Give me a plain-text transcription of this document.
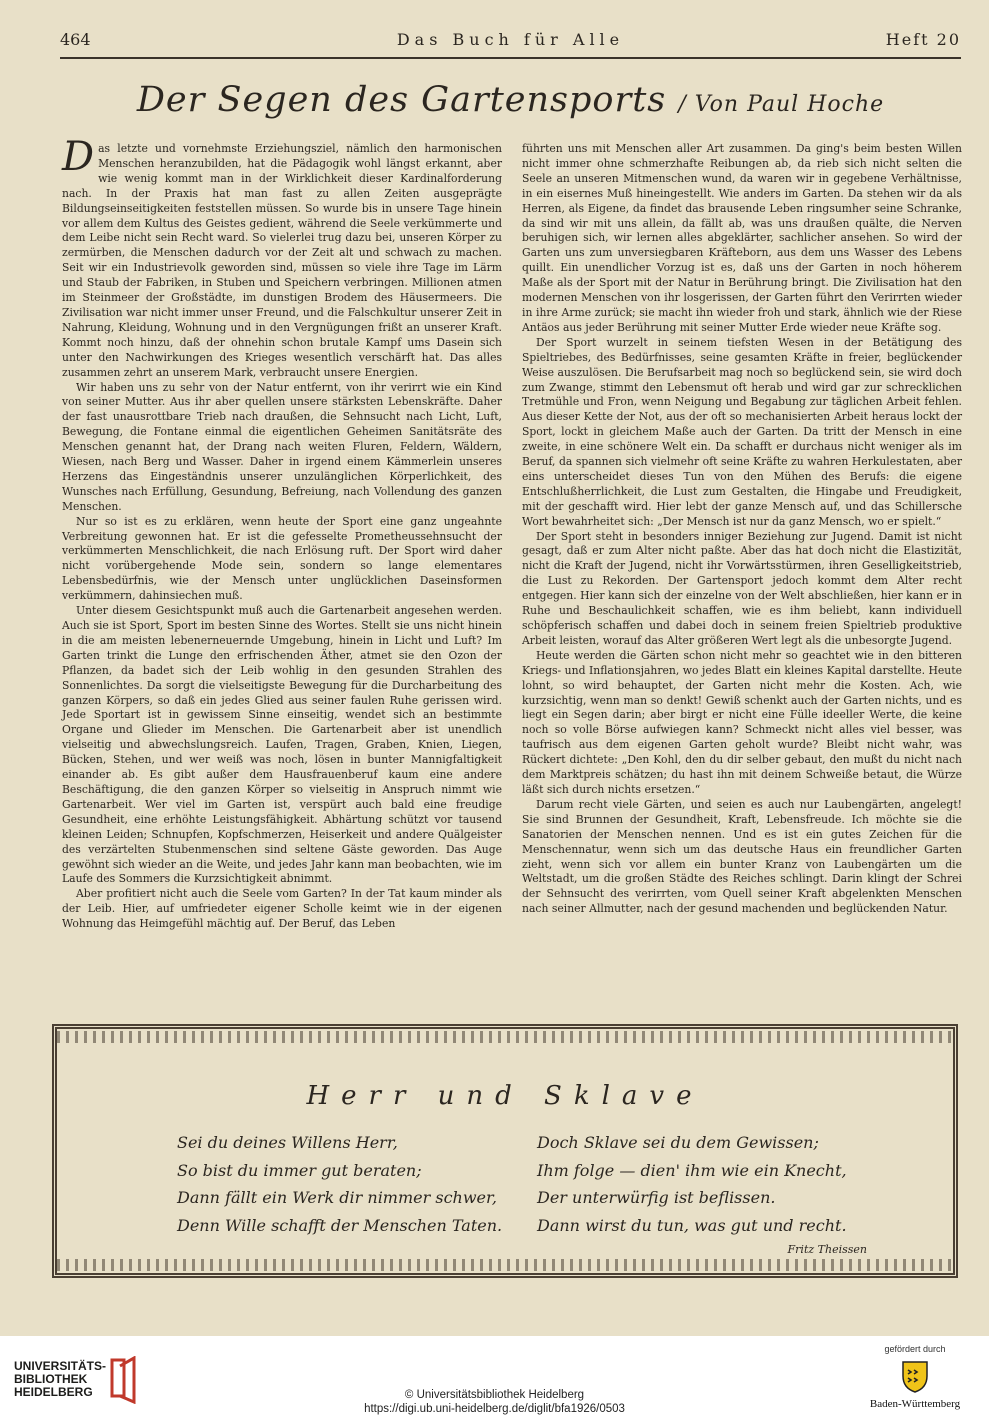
464	Das Buch für Alle	Heft 20
Der Segen des Gartensports / Von Paul Hoche

Das letzte und vornehmste Erziehungsziel, nämlich den harmonischen Menschen heranzubilden, hat die Pädagogik wohl längst erkannt, aber wie wenig kommt man in der Wirklichkeit dieser Kardinalforderung nach. In der Praxis hat man fast zu allen Zeiten ausgeprägte Bildungseinseitigkeiten feststellen müssen. So wurde bis in unsere Tage hinein vor allem dem Kultus des Geistes gedient, während die Seele verkümmerte und dem Leibe nicht sein Recht ward. So vielerlei trug dazu bei, unseren Körper zu zermürben, die Menschen dadurch vor der Zeit alt und schwach zu machen. Seit wir ein Industrievolk geworden sind, müssen so viele ihre Tage im Lärm und Staub der Fabriken, in Stuben und Speichern verbringen. Millionen atmen im Steinmeer der Großstädte, im dunstigen Brodem des Häusermeers. Die Zivilisation war nicht immer unser Freund, und die Falschkultur unserer Zeit in Nahrung, Kleidung, Wohnung und in den Vergnügungen frißt an unserer Kraft. Kommt noch hinzu, daß der ohnehin schon brutale Kampf ums Dasein sich unter den Nachwirkungen des Krieges wesentlich verschärft hat. Das alles zusammen zehrt an unserem Mark, verbraucht unsere Energien.

Wir haben uns zu sehr von der Natur entfernt, von ihr verirrt wie ein Kind von seiner Mutter. Aus ihr aber quellen unsere stärksten Lebenskräfte. Daher der fast unausrottbare Trieb nach draußen, die Sehnsucht nach Licht, Luft, Bewegung, die Fontane einmal die eigentlichen Geheimen Sanitätsräte des Menschen genannt hat, der Drang nach weiten Fluren, Feldern, Wäldern, Wiesen, nach Berg und Wasser. Daher in irgend einem Kämmerlein unseres Herzens das Eingeständnis unserer unzulänglichen Körperlichkeit, des Wunsches nach Erfüllung, Gesundung, Befreiung, nach Vollendung des ganzen Menschen.

Nur so ist es zu erklären, wenn heute der Sport eine ganz ungeahnte Verbreitung gewonnen hat. Er ist die gefesselte Prometheussehnsucht der verkümmerten Menschlichkeit, die nach Erlösung ruft. Der Sport wird daher nicht vorübergehende Mode sein, sondern so lange elementares Lebensbedürfnis, wie der Mensch unter unglücklichen Daseinsformen verkümmern, dahinsiechen muß.

Unter diesem Gesichtspunkt muß auch die Gartenarbeit angesehen werden. Auch sie ist Sport, Sport im besten Sinne des Wortes. Stellt sie uns nicht hinein in die am meisten lebenerneuernde Umgebung, hinein in Licht und Luft? Im Garten trinkt die Lunge den erfrischenden Äther, atmet sie den Ozon der Pflanzen, da badet sich der Leib wohlig in den gesunden Strahlen des Sonnenlichtes. Da sorgt die vielseitigste Bewegung für die Durcharbeitung des ganzen Körpers, so daß ein jedes Glied aus seiner faulen Ruhe gerissen wird. Jede Sportart ist in gewissem Sinne einseitig, wendet sich an bestimmte Organe und Glieder im Menschen. Die Gartenarbeit aber ist unendlich vielseitig und abwechslungsreich. Laufen, Tragen, Graben, Knien, Liegen, Bücken, Stehen, und wer weiß was noch, lösen in bunter Mannigfaltigkeit einander ab. Es gibt außer dem Hausfrauenberuf kaum eine andere Beschäftigung, die den ganzen Körper so vielseitig in Anspruch nimmt wie Gartenarbeit. Wer viel im Garten ist, verspürt auch bald eine freudige Gesundheit, eine erhöhte Leistungsfähigkeit. Abhärtung schützt vor tausend kleinen Leiden; Schnupfen, Kopfschmerzen, Heiserkeit und andere Quälgeister des verzärtelten Stubenmenschen sind seltene Gäste geworden. Das Auge gewöhnt sich wieder an die Weite, und jedes Jahr kann man beobachten, wie im Laufe des Sommers die Kurzsichtigkeit abnimmt.

Aber profitiert nicht auch die Seele vom Garten? In der Tat kaum minder als der Leib. Hier, auf umfriedeter eigener Scholle keimt wie in der eigenen Wohnung das Heimgefühl mächtig auf. Der Beruf, das Leben

führten uns mit Menschen aller Art zusammen. Da ging's beim besten Willen nicht immer ohne schmerzhafte Reibungen ab, da rieb sich nicht selten die Seele an unseren Mitmenschen wund, da waren wir in gegebene Verhältnisse, in ein eisernes Muß hineingestellt. Wie anders im Garten. Da stehen wir da als Herren, als Eigene, da findet das brausende Leben ringsumher seine Schranke, da sind wir mit uns allein, da fällt ab, was uns draußen quälte, die Nerven beruhigen sich, wir lernen alles abgeklärter, sachlicher ansehen. So wird der Garten uns zum unversiegbaren Kräfteborn, aus dem uns Wasser des Lebens quillt. Ein unendlicher Vorzug ist es, daß uns der Garten in noch höherem Maße als der Sport mit der Natur in Berührung bringt. Die Zivilisation hat den modernen Menschen von ihr losgerissen, der Garten führt den Verirrten wieder in ihre Arme zurück; sie macht ihn wieder froh und stark, ähnlich wie der Riese Antäos aus jeder Berührung mit seiner Mutter Erde wieder neue Kräfte sog.

Der Sport wurzelt in seinem tiefsten Wesen in der Betätigung des Spieltriebes, des Bedürfnisses, seine gesamten Kräfte in freier, beglückender Weise auszulösen. Die Berufsarbeit mag noch so beglückend sein, sie wird doch zum Zwange, stimmt den Lebensmut oft herab und wird gar zur schrecklichen Tretmühle und Fron, wenn Neigung und Begabung zur täglichen Arbeit fehlen. Aus dieser Kette der Not, aus der oft so mechanisierten Arbeit heraus lockt der Sport, lockt in gleichem Maße auch der Garten. Da tritt der Mensch in eine zweite, in eine schönere Welt ein. Da schafft er durchaus nicht weniger als im Beruf, da spannen sich vielmehr oft seine Kräfte zu wahren Herkulestaten, aber eins unterscheidet dieses Tun von den Mühen des Berufs: die eigene Entschlußherrlichkeit, die Lust zum Gestalten, die Hingabe und Freudigkeit, mit der geschafft wird. Hier lebt der ganze Mensch auf, und das Schillersche Wort bewahrheitet sich: „Der Mensch ist nur da ganz Mensch, wo er spielt.“

Der Sport steht in besonders inniger Beziehung zur Jugend. Damit ist nicht gesagt, daß er zum Alter nicht paßte. Aber das hat doch nicht die Elastizität, nicht die Kraft der Jugend, nicht ihr Vorwärtsstürmen, ihren Geselligkeitstrieb, die Lust zu Rekorden. Der Gartensport jedoch kommt dem Alter recht entgegen. Hier kann sich der einzelne von der Welt abschließen, hier kann er in Ruhe und Beschaulichkeit schaffen, wie es ihm beliebt, kann individuell schöpferisch schaffen und dabei doch in seinem freien Spieltrieb produktive Arbeit leisten, worauf das Alter größeren Wert legt als die unbesorgte Jugend.

Heute werden die Gärten schon nicht mehr so geachtet wie in den bitteren Kriegs- und Inflationsjahren, wo jedes Blatt ein kleines Kapital darstellte. Heute lohnt, so wird behauptet, der Garten nicht mehr die Kosten. Ach, wie kurzsichtig, wenn man so denkt! Gewiß schenkt auch der Garten nichts, und es liegt ein Segen darin; aber birgt er nicht eine Fülle ideeller Werte, die keine noch so volle Börse aufwiegen kann? Schmeckt nicht alles viel besser, was taufrisch aus dem eigenen Garten geholt wurde? Bleibt nicht wahr, was Rückert dichtete: „Den Kohl, den du dir selber gebaut, den mußt du nicht nach dem Marktpreis schätzen; du hast ihn mit deinem Schweiße betaut, die Würze läßt sich durch nichts ersetzen.“

Darum recht viele Gärten, und seien es auch nur Laubengärten, angelegt! Sie sind Brunnen der Gesundheit, Kraft, Lebensfreude. Ich möchte sie die Sanatorien der Menschen nennen. Und es ist ein gutes Zeichen für die Menschennatur, wenn sich um das deutsche Haus ein freundlicher Garten zieht, wenn sich vor allem ein bunter Kranz von Laubengärten um die Weltstadt, um die großen Städte des Reiches schlingt. Darin klingt der Schrei der Sehnsucht des verirrten, vom Quell seiner Kraft abgelenkten Menschen nach seiner Allmutter, nach der gesund machenden und beglückenden Natur.

Herr und Sklave
Sei du deines Willens Herr,
So bist du immer gut beraten;
Dann fällt ein Werk dir nimmer schwer,
Denn Wille schafft der Menschen Taten.
Doch Sklave sei du dem Gewissen;
Ihm folge — dien' ihm wie ein Knecht,
Der unterwürfig ist beflissen.
Dann wirst du tun, was gut und recht.
Fritz Theissen
UNIVERSITÄTS-
BIBLIOTHEK
HEIDELBERG	© Universitätsbibliothek Heidelberg
https://digi.ub.uni-heidelberg.de/diglit/bfa1926/0503
gefördert durch
Baden-Württemberg
